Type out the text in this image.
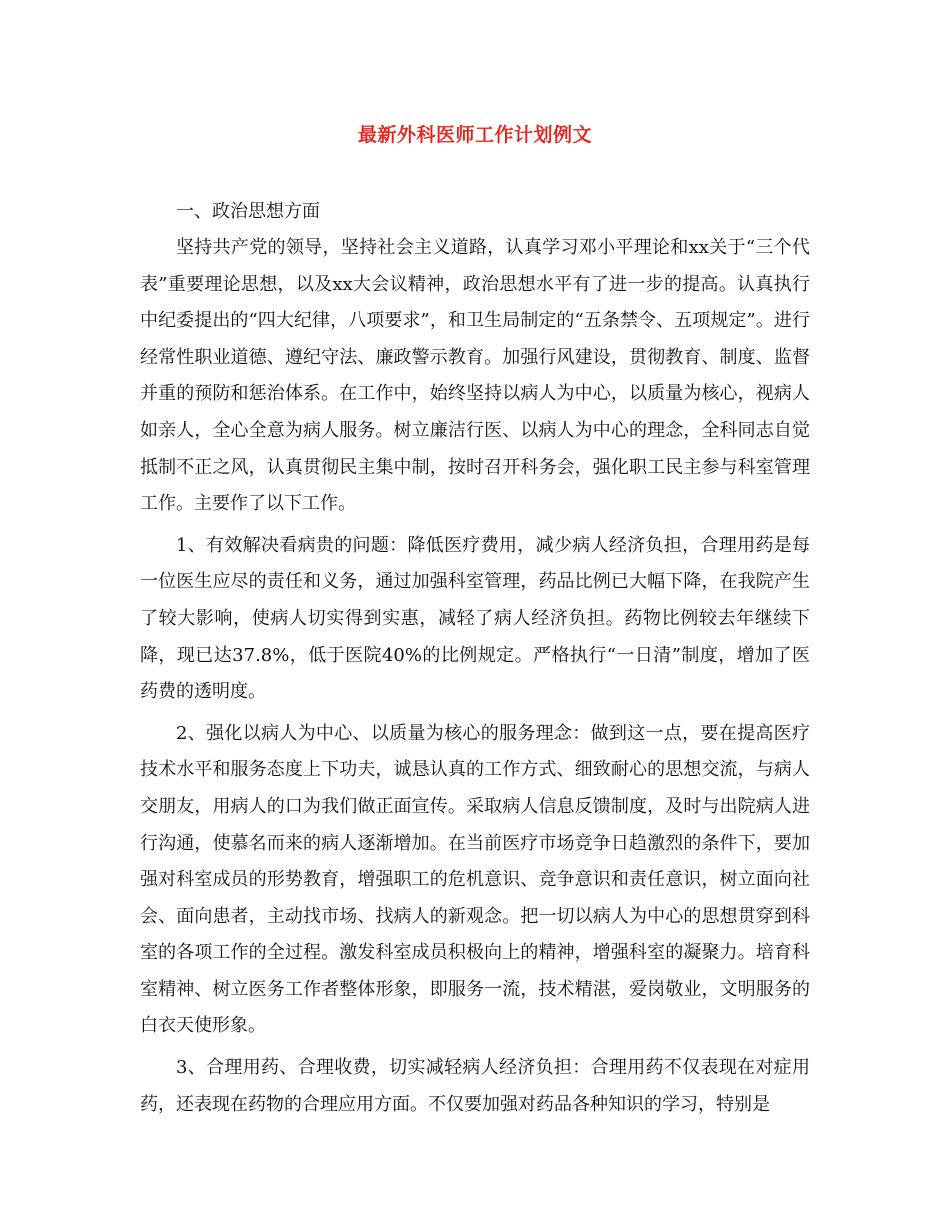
最新外科医师工作计划例文

一、政治思想方面

坚持共产党的领导，坚持社会主义道路，认真学习邓小平理论和xx关于“三个代表”重要理论思想，以及xx大会议精神，政治思想水平有了进一步的提高。认真执行中纪委提出的“四大纪律，八项要求”，和卫生局制定的“五条禁令、五项规定”。进行经常性职业道德、遵纪守法、廉政警示教育。加强行风建设，贯彻教育、制度、监督并重的预防和惩治体系。在工作中，始终坚持以病人为中心，以质量为核心，视病人如亲人，全心全意为病人服务。树立廉洁行医、以病人为中心的理念，全科同志自觉抵制不正之风，认真贯彻民主集中制，按时召开科务会，强化职工民主参与科室管理工作。主要作了以下工作。

1、有效解决看病贵的问题：降低医疗费用，减少病人经济负担，合理用药是每一位医生应尽的责任和义务，通过加强科室管理，药品比例已大幅下降，在我院产生了较大影响，使病人切实得到实惠，减轻了病人经济负担。药物比例较去年继续下降，现已达37.8%，低于医院40%的比例规定。严格执行“一日清”制度，增加了医药费的透明度。

2、强化以病人为中心、以质量为核心的服务理念：做到这一点，要在提高医疗技术水平和服务态度上下功夫，诚恳认真的工作方式、细致耐心的思想交流，与病人交朋友，用病人的口为我们做正面宣传。采取病人信息反馈制度，及时与出院病人进行沟通，使慕名而来的病人逐渐增加。在当前医疗市场竞争日趋激烈的条件下，要加强对科室成员的形势教育，增强职工的危机意识、竞争意识和责任意识，树立面向社会、面向患者，主动找市场、找病人的新观念。把一切以病人为中心的思想贯穿到科室的各项工作的全过程。激发科室成员积极向上的精神，增强科室的凝聚力。培育科室精神、树立医务工作者整体形象，即服务一流，技术精湛，爱岗敬业，文明服务的白衣天使形象。

3、合理用药、合理收费，切实减轻病人经济负担：合理用药不仅表现在对症用药，还表现在药物的合理应用方面。不仅要加强对药品各种知识的学习，特别是
